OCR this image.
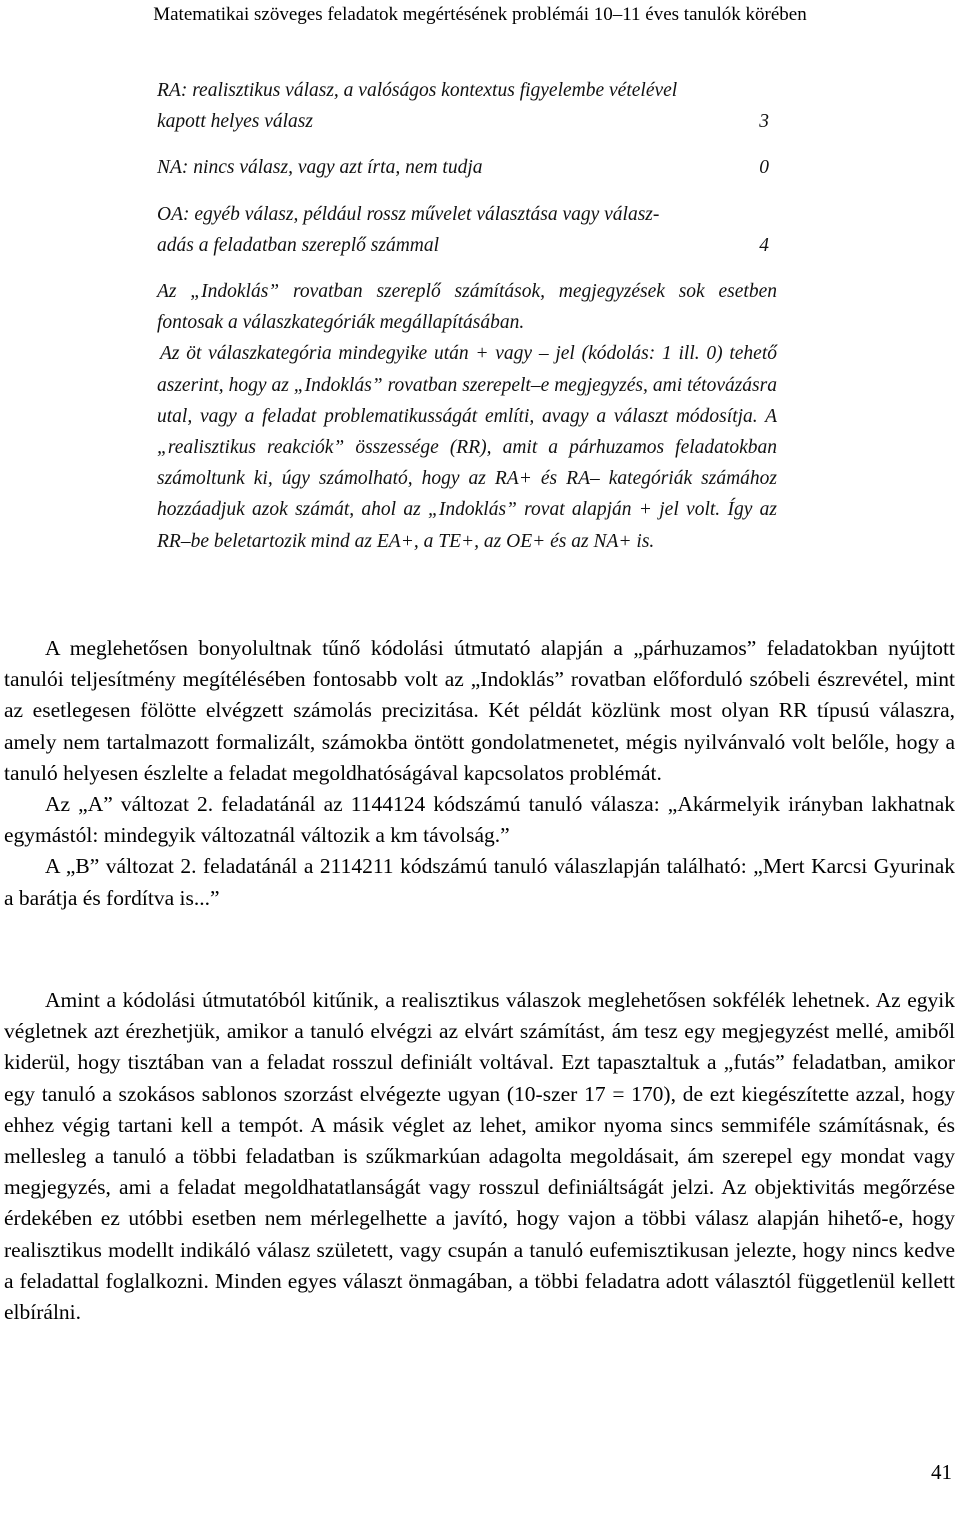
Matematikai szöveges feladatok megértésének problémái 10–11 éves tanulók körében
RA: realisztikus válasz, a valóságos kontextus figyelembe vételével
kapott helyes válasz	3
NA: nincs válasz, vagy azt írta, nem tudja	0
OA: egyéb válasz, például rossz művelet választása vagy válasz-
adás a feladatban szereplő számmal	4

Az „Indoklás” rovatban szereplő számítások, megjegyzések sok esetben fontosak a válaszkategóriák megállapításában.

Az öt válaszkategória mindegyike után + vagy – jel (kódolás: 1 ill. 0) tehető aszerint, hogy az „Indoklás” rovatban szerepelt–e megjegyzés, ami tétovázásra utal, vagy a feladat problematikusságát említi, avagy a választ módosítja. A „realisztikus reakciók” összessége (RR), amit a párhuzamos feladatokban számoltunk ki, úgy számolható, hogy az RA+ és RA– kategóriák számához hozzáadjuk azok számát, ahol az „Indoklás” rovat alapján + jel volt. Így az RR–be beletartozik mind az EA+, a TE+, az OE+ és az NA+ is.

A meglehetősen bonyolultnak tűnő kódolási útmutató alapján a „párhuzamos” feladatokban nyújtott tanulói teljesítmény megítélésében fontosabb volt az „Indoklás” rovatban előforduló szóbeli észrevétel, mint az esetlegesen fölötte elvégzett számolás precizitása. Két példát közlünk most olyan RR típusú válaszra, amely nem tartalmazott formalizált, számokba öntött gondolatmenetet, mégis nyilvánvaló volt belőle, hogy a tanuló helyesen észlelte a feladat megoldhatóságával kapcsolatos problémát.

Az „A” változat 2. feladatánál az 1144124 kódszámú tanuló válasza: „Akármelyik irányban lakhatnak egymástól: mindegyik változatnál változik a km távolság.”

A „B” változat 2. feladatánál a 2114211 kódszámú tanuló válaszlapján található: „Mert Karcsi Gyurinak a barátja és fordítva is...”

Amint a kódolási útmutatóból kitűnik, a realisztikus válaszok meglehetősen sokfélék lehetnek. Az egyik végletnek azt érezhetjük, amikor a tanuló elvégzi az elvárt számítást, ám tesz egy megjegyzést mellé, amiből kiderül, hogy tisztában van a feladat rosszul definiált voltával. Ezt tapasztaltuk a „futás” feladatban, amikor egy tanuló a szokásos sablonos szorzást elvégezte ugyan (10-szer 17 = 170), de ezt kiegészítette azzal, hogy ehhez végig tartani kell a tempót. A másik véglet az lehet, amikor nyoma sincs semmiféle számításnak, és mellesleg a tanuló a többi feladatban is szűkmarkúan adagolta megoldásait, ám szerepel egy mondat vagy megjegyzés, ami a feladat megoldhatatlanságát vagy rosszul definiáltságát jelzi. Az objektivitás megőrzése érdekében ez utóbbi esetben nem mérlegelhette a javító, hogy vajon a többi válasz alapján hihető-e, hogy realisztikus modellt indikáló válasz született, vagy csupán a tanuló eufemisztikusan jelezte, hogy nincs kedve a feladattal foglalkozni. Minden egyes választ önmagában, a többi feladatra adott választól függetlenül kellett elbírálni.

41
